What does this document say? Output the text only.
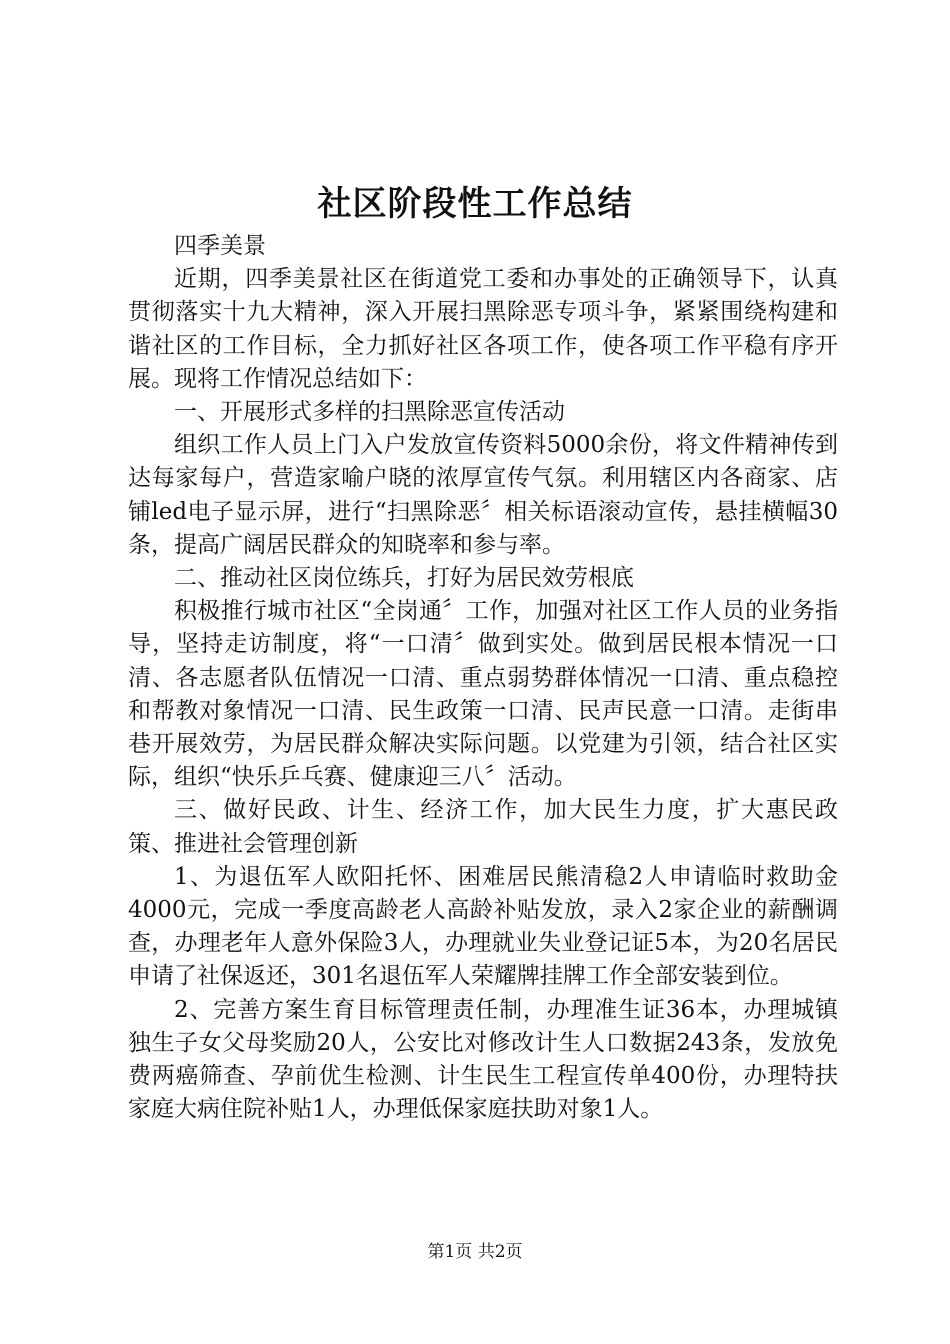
社区阶段性工作总结

四季美景

近期，四季美景社区在街道党工委和办事处的正确领导下，认真贯彻落实十九大精神，深入开展扫黑除恶专项斗争，紧紧围绕构建和谐社区的工作目标，全力抓好社区各项工作，使各项工作平稳有序开展。现将工作情况总结如下：

一、开展形式多样的扫黑除恶宣传活动

组织工作人员上门入户发放宣传资料5000余份，将文件精神传到达每家每户，营造家喻户晓的浓厚宣传气氛。利用辖区内各商家、店铺led电子显示屏，进行“扫黑除恶〞相关标语滚动宣传，悬挂横幅30条，提高广阔居民群众的知晓率和参与率。

二、推动社区岗位练兵，打好为居民效劳根底

积极推行城市社区“全岗通〞工作，加强对社区工作人员的业务指导，坚持走访制度，将“一口清〞做到实处。做到居民根本情况一口清、各志愿者队伍情况一口清、重点弱势群体情况一口清、重点稳控和帮教对象情况一口清、民生政策一口清、民声民意一口清。走街串巷开展效劳，为居民群众解决实际问题。以党建为引领，结合社区实际，组织“快乐乒乓赛、健康迎三八〞活动。

三、做好民政、计生、经济工作，加大民生力度，扩大惠民政策、推进社会管理创新

1、为退伍军人欧阳托怀、困难居民熊清稳2人申请临时救助金4000元，完成一季度高龄老人高龄补贴发放，录入2家企业的薪酬调查，办理老年人意外保险3人，办理就业失业登记证5本，为20名居民申请了社保返还，301名退伍军人荣耀牌挂牌工作全部安装到位。

2、完善方案生育目标管理责任制，办理准生证36本，办理城镇独生子女父母奖励20人，公安比对修改计生人口数据243条，发放免费两癌筛查、孕前优生检测、计生民生工程宣传单400份，办理特扶家庭大病住院补贴1人，办理低保家庭扶助对象1人。

第1页 共2页
